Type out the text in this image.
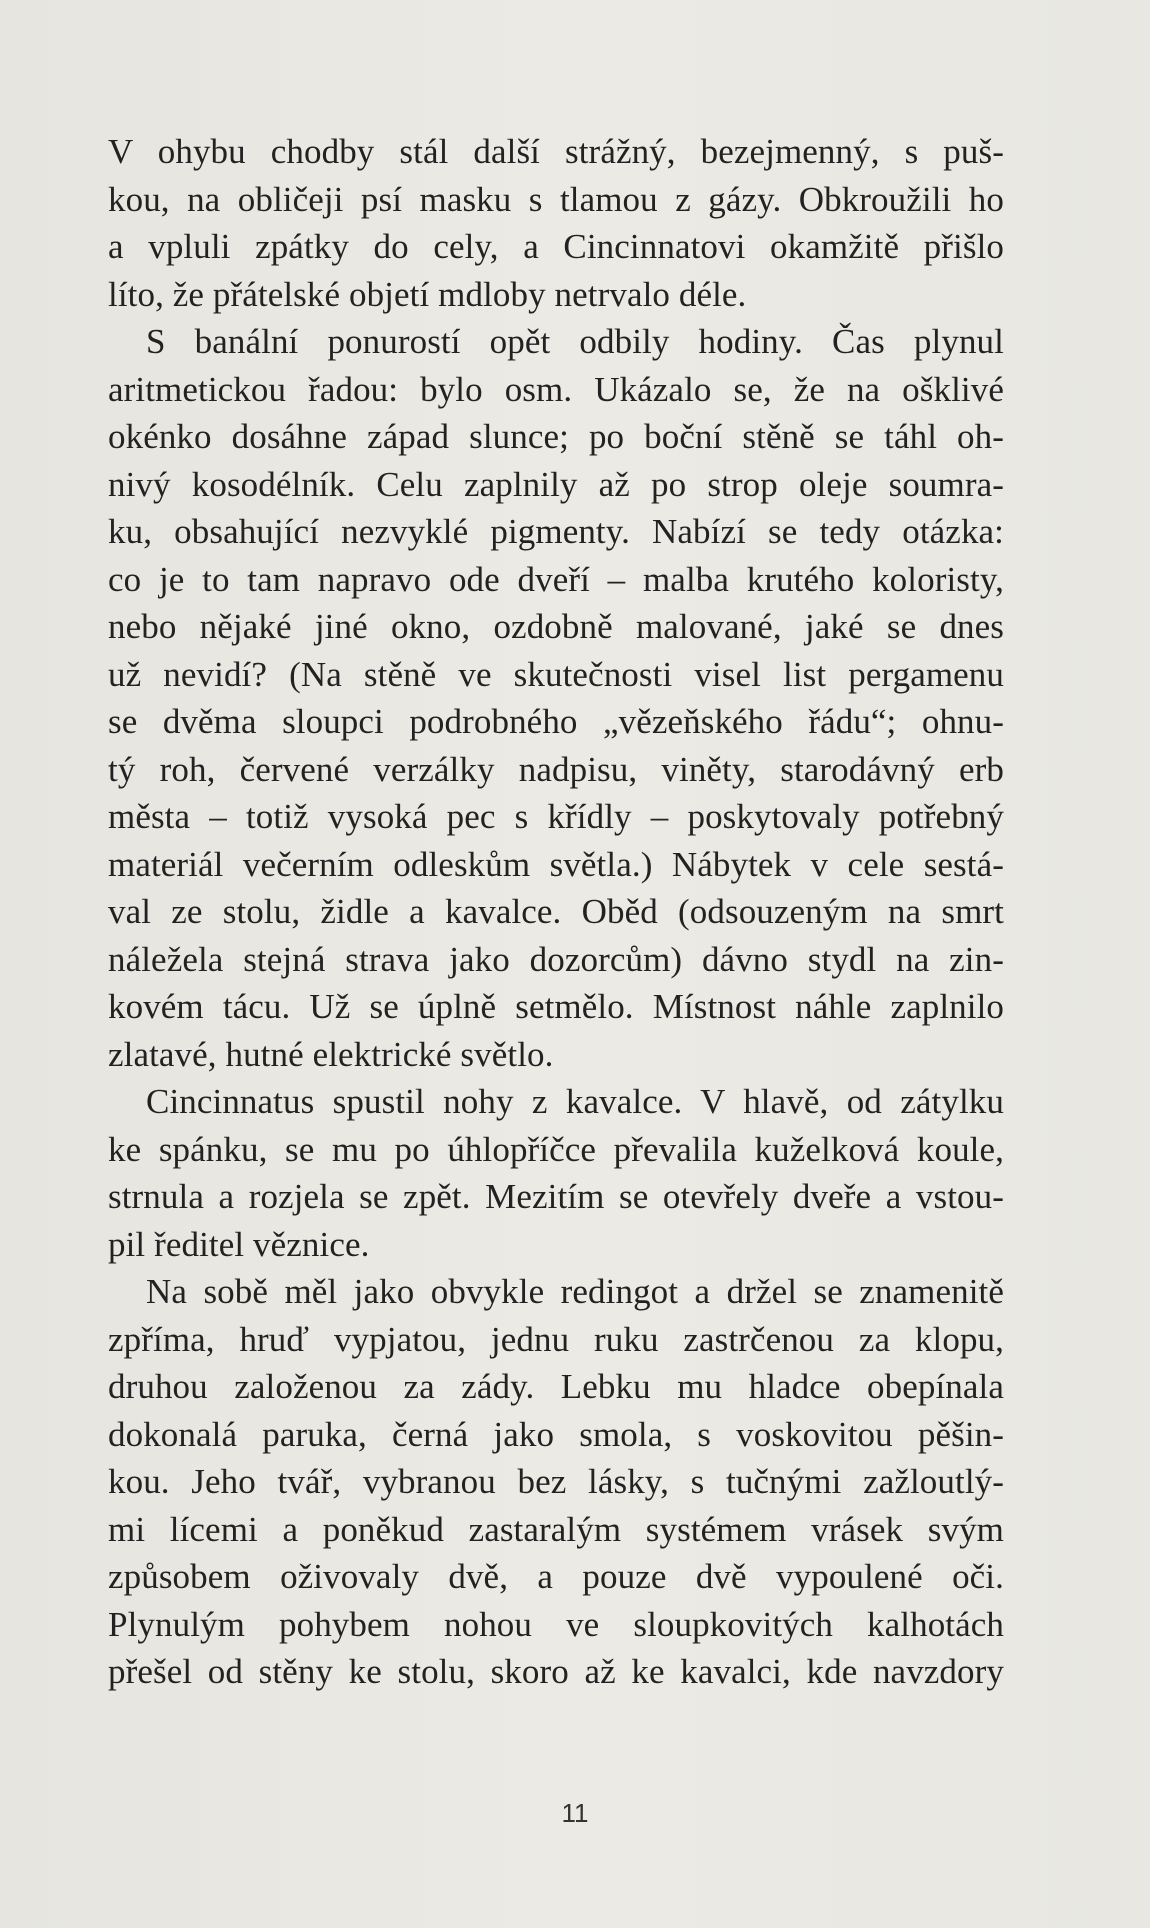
V ohybu chodby stál další strážný, bezejmenný, s puš-
kou, na obličeji psí masku s tlamou z gázy. Obkroužili ho
a vpluli zpátky do cely, a Cincinnatovi okamžitě přišlo
líto, že přátelské objetí mdloby netrvalo déle.
S banální ponurostí opět odbily hodiny. Čas plynul
aritmetickou řadou: bylo osm. Ukázalo se, že na ošklivé
okénko dosáhne západ slunce; po boční stěně se táhl oh-
nivý kosodélník. Celu zaplnily až po strop oleje soumra-
ku, obsahující nezvyklé pigmenty. Nabízí se tedy otázka:
co je to tam napravo ode dveří – malba krutého koloristy,
nebo nějaké jiné okno, ozdobně malované, jaké se dnes
už nevidí? (Na stěně ve skutečnosti visel list pergamenu
se dvěma sloupci podrobného „vězeňského řádu“; ohnu-
tý roh, červené verzálky nadpisu, viněty, starodávný erb
města – totiž vysoká pec s křídly – poskytovaly potřebný
materiál večerním odleskům světla.) Nábytek v cele sestá-
val ze stolu, židle a kavalce. Oběd (odsouzeným na smrt
náležela stejná strava jako dozorcům) dávno stydl na zin-
kovém tácu. Už se úplně setmělo. Místnost náhle zaplnilo
zlatavé, hutné elektrické světlo.
Cincinnatus spustil nohy z kavalce. V hlavě, od zátylku
ke spánku, se mu po úhlopříčce převalila kuželková koule,
strnula a rozjela se zpět. Mezitím se otevřely dveře a vstou-
pil ředitel věznice.
Na sobě měl jako obvykle redingot a držel se znamenitě
zpříma, hruď vypjatou, jednu ruku zastrčenou za klopu,
druhou založenou za zády. Lebku mu hladce obepínala
dokonalá paruka, černá jako smola, s voskovitou pěšin-
kou. Jeho tvář, vybranou bez lásky, s tučnými zažloutlý-
mi lícemi a poněkud zastaralým systémem vrásek svým
způsobem oživovaly dvě, a pouze dvě vypoulené oči.
Plynulým pohybem nohou ve sloupkovitých kalhotách
přešel od stěny ke stolu, skoro až ke kavalci, kde navzdory
11
